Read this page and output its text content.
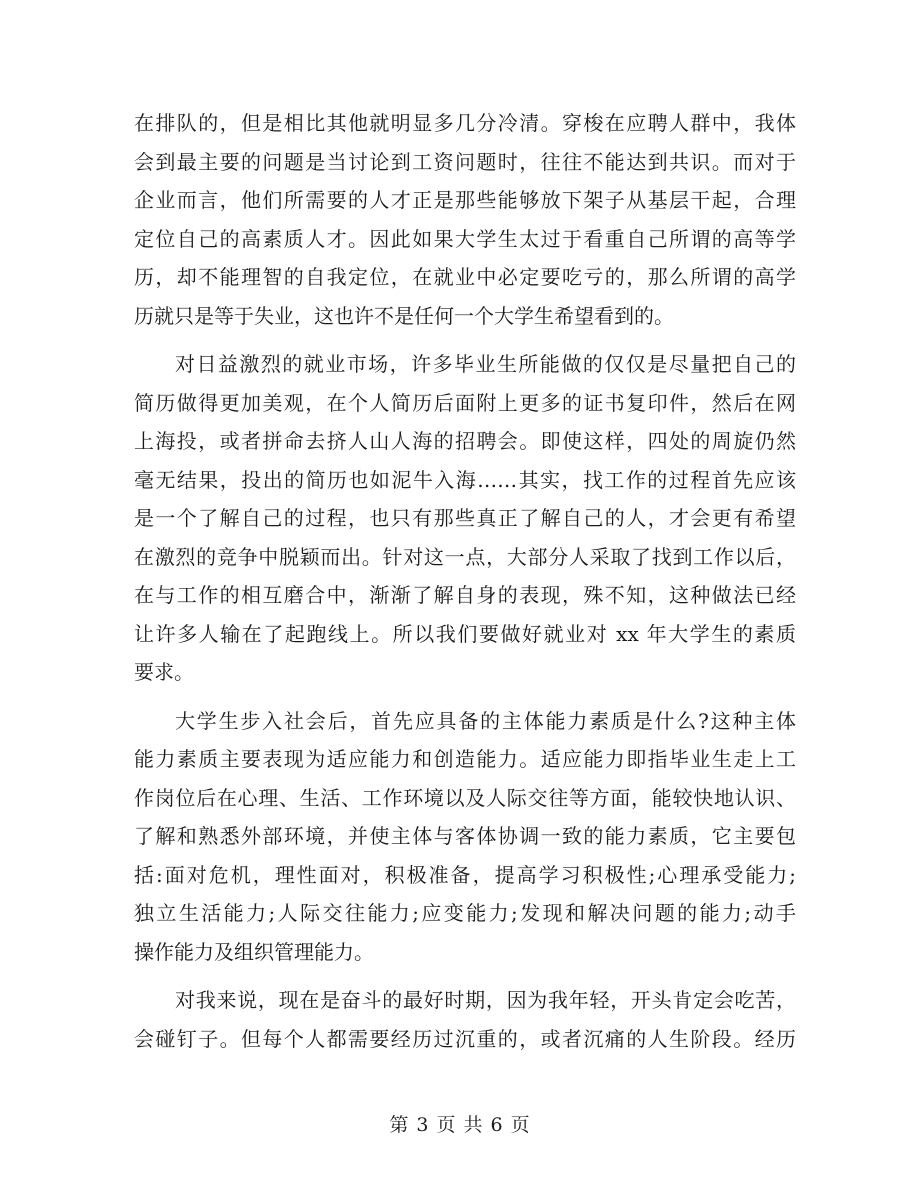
在排队的，但是相比其他就明显多几分冷清。穿梭在应聘人群中，我体
会到最主要的问题是当讨论到工资问题时，往往不能达到共识。而对于
企业而言，他们所需要的人才正是那些能够放下架子从基层干起，合理
定位自己的高素质人才。因此如果大学生太过于看重自己所谓的高等学
历，却不能理智的自我定位，在就业中必定要吃亏的，那么所谓的高学
历就只是等于失业，这也许不是任何一个大学生希望看到的。
对日益激烈的就业市场，许多毕业生所能做的仅仅是尽量把自己的
简历做得更加美观，在个人简历后面附上更多的证书复印件，然后在网
上海投，或者拼命去挤人山人海的招聘会。即使这样，四处的周旋仍然
毫无结果，投出的简历也如泥牛入海……其实，找工作的过程首先应该
是一个了解自己的过程，也只有那些真正了解自己的人，才会更有希望
在激烈的竞争中脱颖而出。针对这一点，大部分人采取了找到工作以后，
在与工作的相互磨合中，渐渐了解自身的表现，殊不知，这种做法已经
让许多人输在了起跑线上。所以我们要做好就业对 xx 年大学生的素质
要求。
大学生步入社会后，首先应具备的主体能力素质是什么?这种主体
能力素质主要表现为适应能力和创造能力。适应能力即指毕业生走上工
作岗位后在心理、生活、工作环境以及人际交往等方面，能较快地认识、
了解和熟悉外部环境，并使主体与客体协调一致的能力素质，它主要包
括:面对危机，理性面对，积极准备，提高学习积极性;心理承受能力;
独立生活能力;人际交往能力;应变能力;发现和解决问题的能力;动手
操作能力及组织管理能力。
对我来说，现在是奋斗的最好时期，因为我年轻，开头肯定会吃苦，
会碰钉子。但每个人都需要经历过沉重的，或者沉痛的人生阶段。经历
第 3 页 共 6 页
